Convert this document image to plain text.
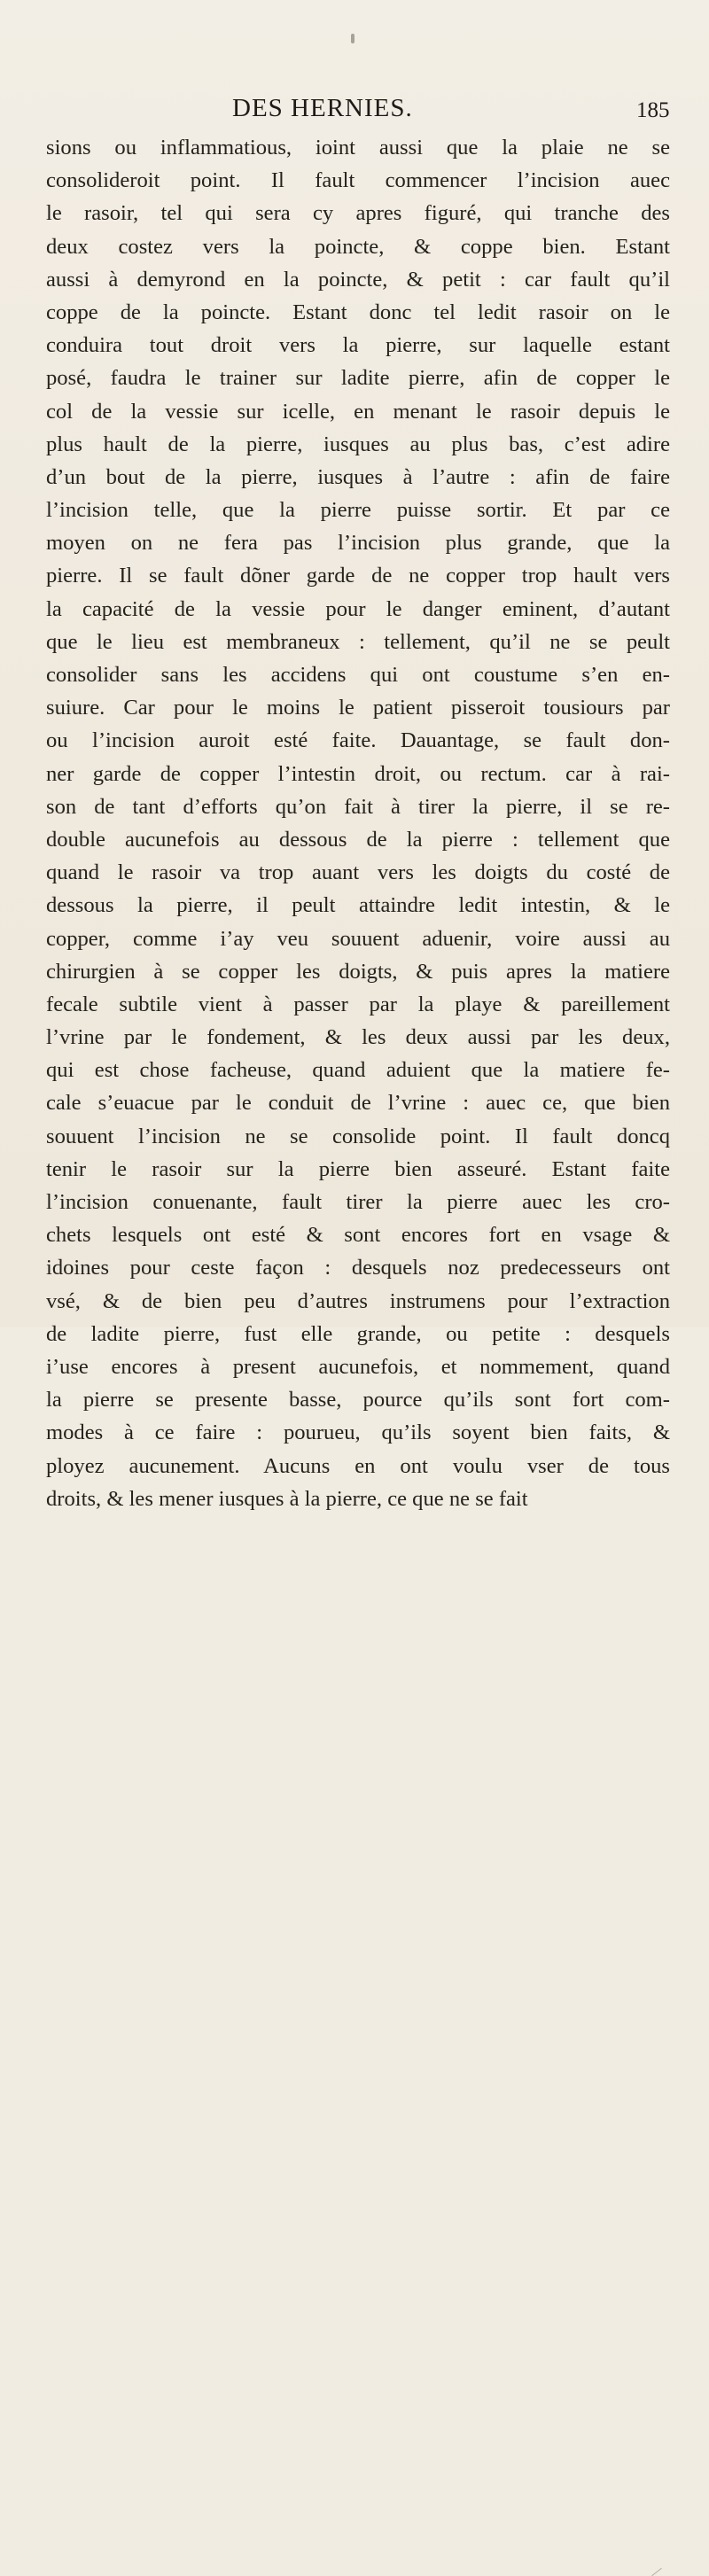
DES HERNIES.	185
sions ou inflammatious, ioint aussi que la plaie ne se
consolideroit point. Il fault commencer l’incision auec
le rasoir, tel qui sera cy apres figuré, qui tranche des
deux costez vers la poincte, & coppe bien. Estant
aussi à demyrond en la poincte, & petit : car fault qu’il
coppe de la poincte. Estant donc tel ledit rasoir on le
conduira tout droit vers la pierre, sur laquelle estant
posé, faudra le trainer sur ladite pierre, afin de copper le
col de la vessie sur icelle, en menant le rasoir depuis le
plus hault de la pierre, iusques au plus bas, c’est adire
d’un bout de la pierre, iusques à l’autre : afin de faire
l’incision telle, que la pierre puisse sortir. Et par ce
moyen on ne fera pas l’incision plus grande, que la
pierre. Il se fault dõner garde de ne copper trop hault vers
la capacité de la vessie pour le danger eminent, d’autant
que le lieu est membraneux : tellement, qu’il ne se peult
consolider sans les accidens qui ont coustume s’en en-
suiure. Car pour le moins le patient pisseroit tousiours par
ou l’incision auroit esté faite. Dauantage, se fault don-
ner garde de copper l’intestin droit, ou rectum. car à rai-
son de tant d’efforts qu’on fait à tirer la pierre, il se re-
double aucunefois au dessous de la pierre : tellement que
quand le rasoir va trop auant vers les doigts du costé de
dessous la pierre, il peult attaindre ledit intestin, & le
copper, comme i’ay veu souuent aduenir, voire aussi au
chirurgien à se copper les doigts, & puis apres la matiere
fecale subtile vient à passer par la playe & pareillement
l’vrine par le fondement, & les deux aussi par les deux,
qui est chose facheuse, quand aduient que la matiere fe-
cale s’euacue par le conduit de l’vrine : auec ce, que bien
souuent l’incision ne se consolide point. Il fault doncq
tenir le rasoir sur la pierre bien asseuré. Estant faite
l’incision conuenante, fault tirer la pierre auec les cro-
chets lesquels ont esté & sont encores fort en vsage &
idoines pour ceste façon : desquels noz predecesseurs ont
vsé, & de bien peu d’autres instrumens pour l’extraction
de ladite pierre, fust elle grande, ou petite : desquels
i’use encores à present aucunefois, et nommement, quand
la pierre se presente basse, pource qu’ils sont fort com-
modes à ce faire : pourueu, qu’ils soyent bien faits, &
ployez aucunement. Aucuns en ont voulu vser de tous
droits, & les mener iusques à la pierre, ce que ne se fait
